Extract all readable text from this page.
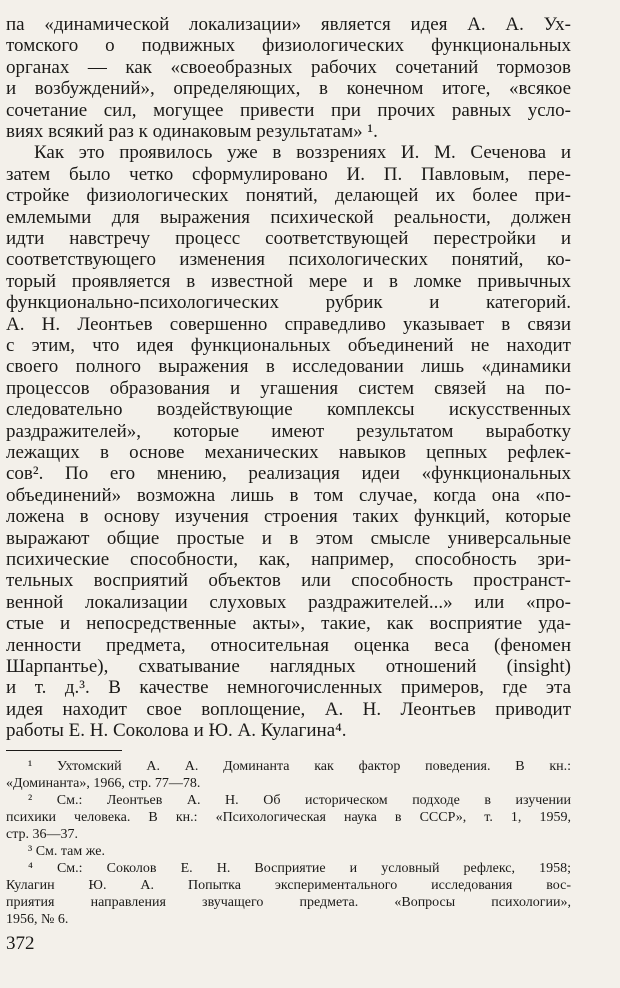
па «динамической локализации» является идея А. А. Ух-
томского о подвижных физиологических функциональных
органах — как «своеобразных рабочих сочетаний тормозов
и возбуждений», определяющих, в конечном итоге, «всякое
сочетание сил, могущее привести при прочих равных усло-
виях всякий раз к одинаковым результатам» ¹.
Как это проявилось уже в воззрениях И. М. Сеченова и
затем было четко сформулировано И. П. Павловым, пере-
стройке физиологических понятий, делающей их более при-
емлемыми для выражения психической реальности, должен
идти навстречу процесс соответствующей перестройки и
соответствующего изменения психологических понятий, ко-
торый проявляется в известной мере и в ломке привычных
функционально-психологических рубрик и категорий.
А. Н. Леонтьев совершенно справедливо указывает в связи
с этим, что идея функциональных объединений не находит
своего полного выражения в исследовании лишь «динамики
процессов образования и угашения систем связей на по-
следовательно воздействующие комплексы искусственных
раздражителей», которые имеют результатом выработку
лежащих в основе механических навыков цепных рефлек-
сов². По его мнению, реализация идеи «функциональных
объединений» возможна лишь в том случае, когда она «по-
ложена в основу изучения строения таких функций, которые
выражают общие простые и в этом смысле универсальные
психические способности, как, например, способность зри-
тельных восприятий объектов или способность пространст-
венной локализации слуховых раздражителей...» или «про-
стые и непосредственные акты», такие, как восприятие уда-
ленности предмета, относительная оценка веса (феномен
Шарпантье), схватывание наглядных отношений (insight)
и т. д.³. В качестве немногочисленных примеров, где эта
идея находит свое воплощение, А. Н. Леонтьев приводит
работы Е. Н. Соколова и Ю. А. Кулагина⁴.
¹ Ухтомский А. А. Доминанта как фактор поведения. В кн.:
«Доминанта», 1966, стр. 77—78.
² См.: Леонтьев А. Н. Об историческом подходе в изучении
психики человека. В кн.: «Психологическая наука в СССР», т. 1, 1959,
стр. 36—37.
³ См. там же.
⁴ См.: Соколов Е. Н. Восприятие и условный рефлекс, 1958;
Кулагин Ю. А. Попытка экспериментального исследования вос-
приятия направления звучащего предмета. «Вопросы психологии»,
1956, № 6.
372
